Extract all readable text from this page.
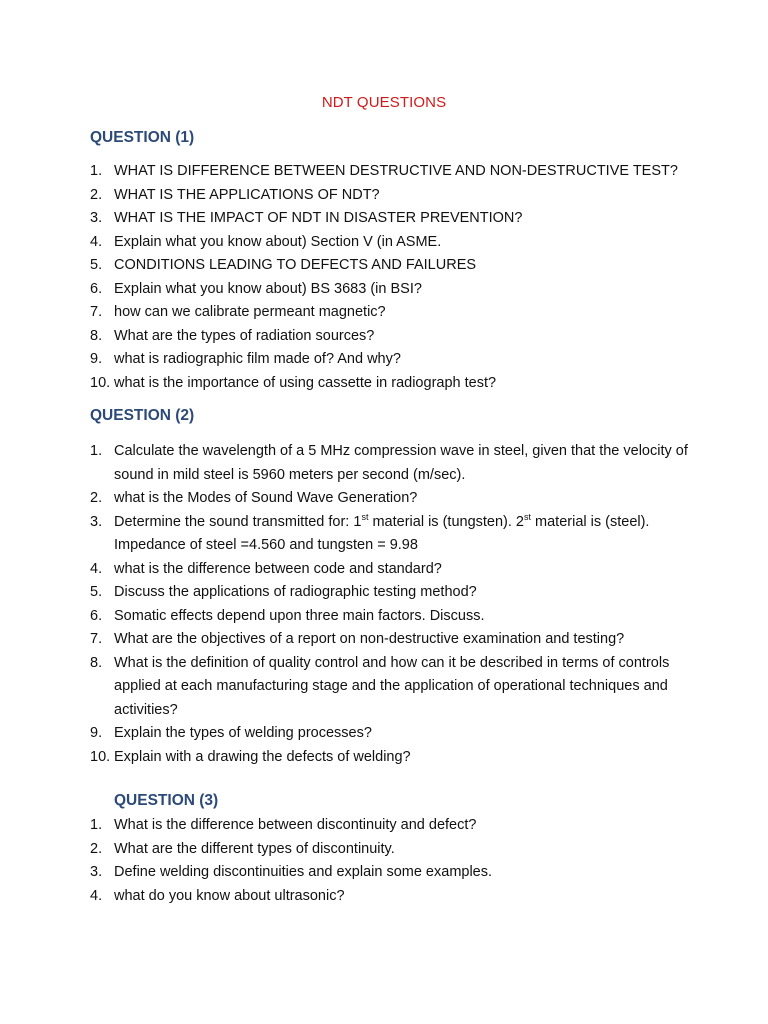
NDT QUESTIONS
QUESTION (1)
1. WHAT IS DIFFERENCE BETWEEN DESTRUCTIVE AND NON-DESTRUCTIVE TEST?
2. WHAT IS THE APPLICATIONS OF NDT?
3. WHAT IS THE IMPACT OF NDT IN DISASTER PREVENTION?
4. Explain what you know about) Section V (in ASME.
5. CONDITIONS LEADING TO DEFECTS AND FAILURES
6. Explain what you know about) BS 3683 (in BSI?
7. how can we calibrate permeant magnetic?
8. What are the types of radiation sources?
9. what is radiographic film made of? And why?
10. what is the importance of using cassette in radiograph test?
QUESTION (2)
1. Calculate the wavelength of a 5 MHz compression wave in steel, given that the velocity of sound in mild steel is 5960 meters per second (m/sec).
2. what is the Modes of Sound Wave Generation?
3. Determine the sound transmitted for: 1st material is (tungsten). 2st material is (steel). Impedance of steel =4.560 and tungsten = 9.98
4. what is the difference between code and standard?
5. Discuss the applications of radiographic testing method?
6. Somatic effects depend upon three main factors. Discuss.
7. What are the objectives of a report on non-destructive examination and testing?
8. What is the definition of quality control and how can it be described in terms of controls applied at each manufacturing stage and the application of operational techniques and activities?
9. Explain the types of welding processes?
10. Explain with a drawing the defects of welding?
QUESTION (3)
1. What is the difference between discontinuity and defect?
2. What are the different types of discontinuity.
3. Define welding discontinuities and explain some examples.
4. what do you know about ultrasonic?
